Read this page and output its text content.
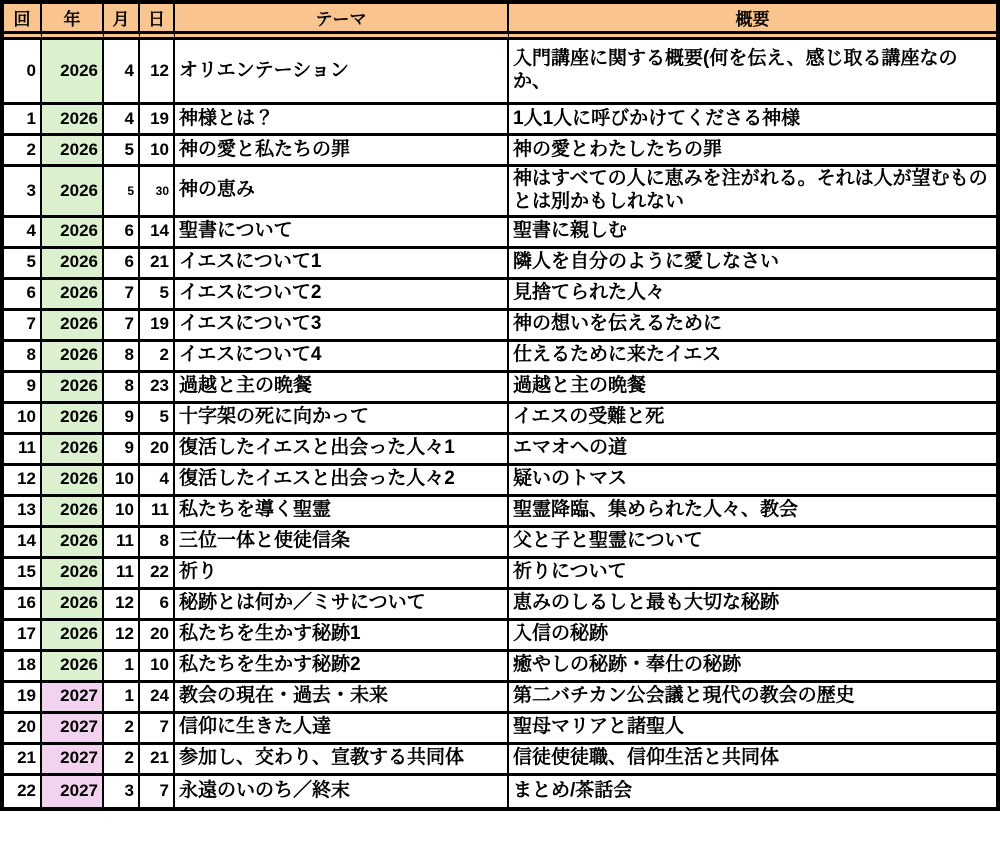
回	年	月	日	テーマ	概要
0	2026	4	12	オリエンテーション	入門講座に関する概要(何を伝え、感じ取る講座なのか、
1	2026	4	19	神様とは？	1人1人に呼びかけてくださる神様
2	2026	5	10	神の愛と私たちの罪	神の愛とわたしたちの罪
3	2026	5	30	神の恵み	神はすべての人に恵みを注がれる。それは人が望むものとは別かもしれない
4	2026	6	14	聖書について	聖書に親しむ
5	2026	6	21	イエスについて1	隣人を自分のように愛しなさい
6	2026	7	5	イエスについて2	見捨てられた人々
7	2026	7	19	イエスについて3	神の想いを伝えるために
8	2026	8	2	イエスについて4	仕えるために来たイエス
9	2026	8	23	過越と主の晩餐	過越と主の晩餐
10	2026	9	5	十字架の死に向かって	イエスの受難と死
11	2026	9	20	復活したイエスと出会った人々1	エマオへの道
12	2026	10	4	復活したイエスと出会った人々2	疑いのトマス
13	2026	10	11	私たちを導く聖霊	聖霊降臨、集められた人々、教会
14	2026	11	8	三位一体と使徒信条	父と子と聖霊について
15	2026	11	22	祈り	祈りについて
16	2026	12	6	秘跡とは何か／ミサについて	恵みのしるしと最も大切な秘跡
17	2026	12	20	私たちを生かす秘跡1	入信の秘跡
18	2026	1	10	私たちを生かす秘跡2	癒やしの秘跡・奉仕の秘跡
19	2027	1	24	教会の現在・過去・未来	第二バチカン公会議と現代の教会の歴史
20	2027	2	7	信仰に生きた人達	聖母マリアと諸聖人
21	2027	2	21	参加し、交わり、宣教する共同体	信徒使徒職、信仰生活と共同体
22	2027	3	7	永遠のいのち／終末	まとめ/茶話会
